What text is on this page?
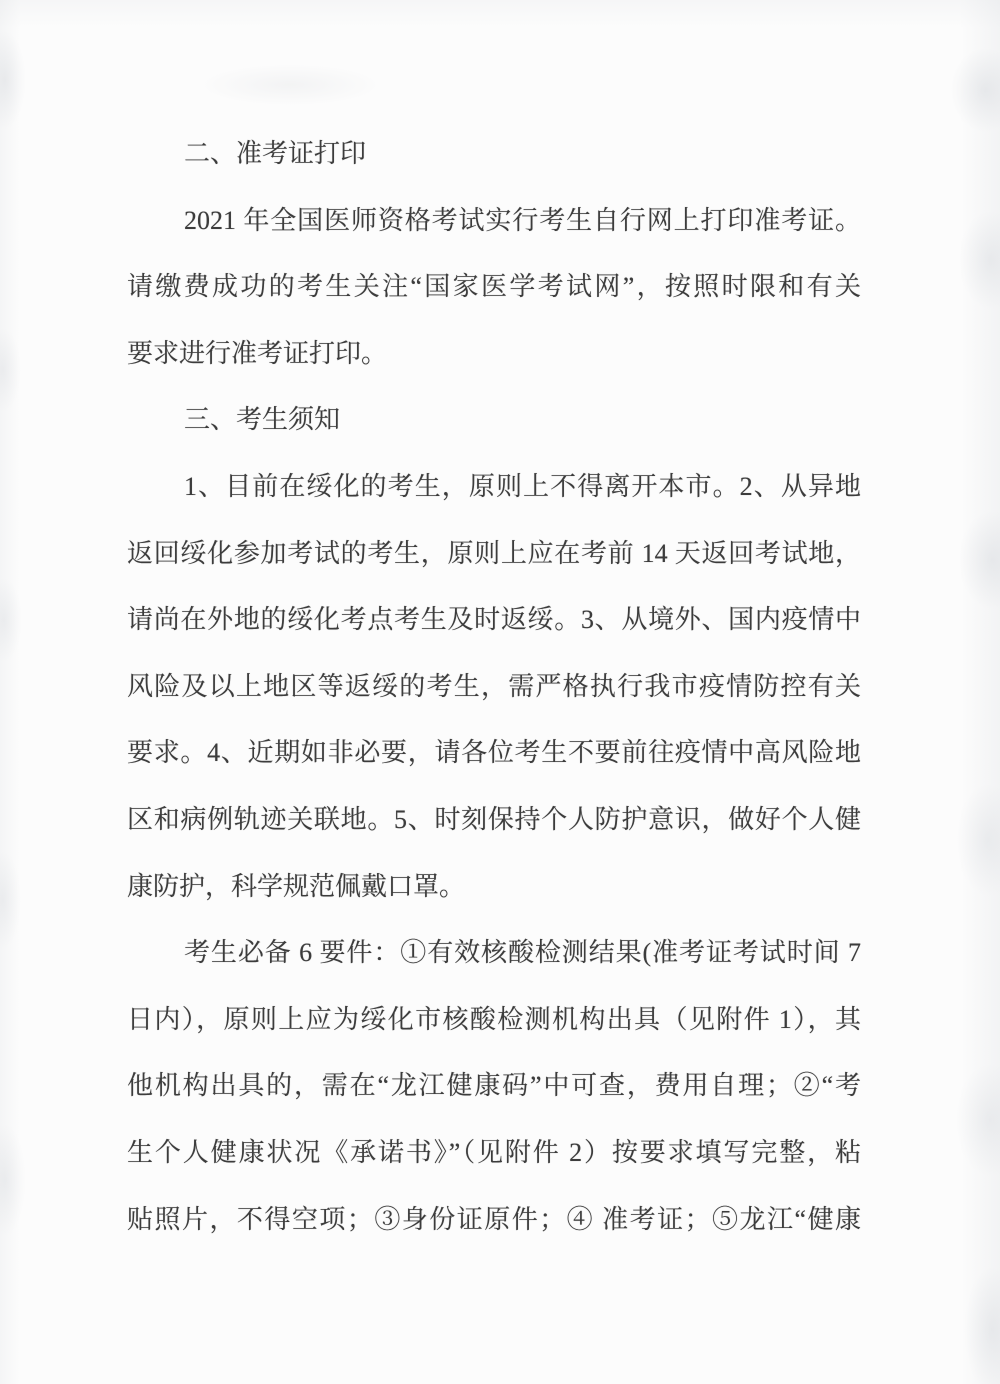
二、准考证打印
2021 年全国医师资格考试实行考生自行网上打印准考证。
请缴费成功的考生关注“国家医学考试网”，按照时限和有关
要求进行准考证打印。
三、考生须知
1、目前在绥化的考生，原则上不得离开本市。2、从异地
返回绥化参加考试的考生，原则上应在考前 14 天返回考试地，
请尚在外地的绥化考点考生及时返绥。3、从境外、国内疫情中
风险及以上地区等返绥的考生，需严格执行我市疫情防控有关
要求。4、近期如非必要，请各位考生不要前往疫情中高风险地
区和病例轨迹关联地。5、时刻保持个人防护意识，做好个人健
康防护，科学规范佩戴口罩。
考生必备 6 要件：①有效核酸检测结果(准考证考试时间 7
日内），原则上应为绥化市核酸检测机构出具（见附件 1），其
他机构出具的，需在“龙江健康码”中可查，费用自理；②“考
生个人健康状况《承诺书》”（见附件 2）按要求填写完整，粘
贴照片，不得空项；③身份证原件；④ 准考证；⑤龙江“健康
